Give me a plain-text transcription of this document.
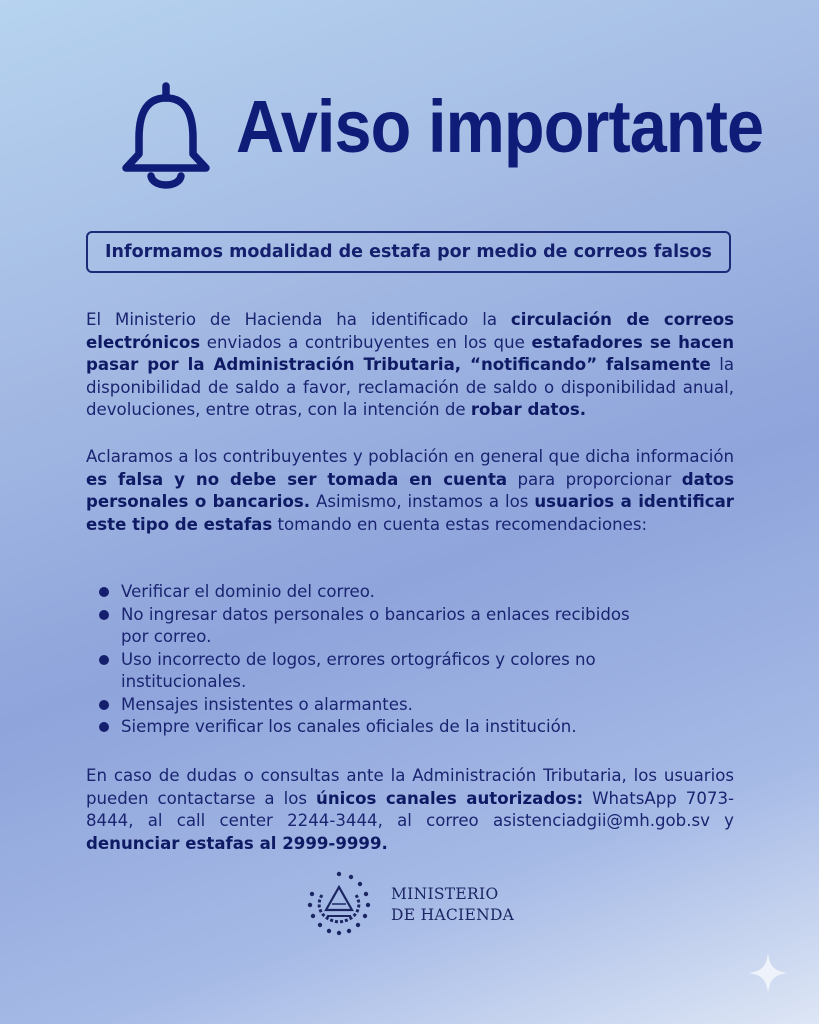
Aviso importante
Informamos modalidad de estafa por medio de correos falsos

El Ministerio de Hacienda ha identificado la circulación de correos electrónicos enviados a contribuyentes en los que estafadores se hacen pasar por la Administración Tributaria, “notificando” falsamente la disponibilidad de saldo a favor, reclamación de saldo o disponibilidad anual, devoluciones, entre otras, con la intención de robar datos.

Aclaramos a los contribuyentes y población en general que dicha información es falsa y no debe ser tomada en cuenta para proporcionar datos personales o bancarios. Asimismo, instamos a los usuarios a identificar este tipo de estafas tomando en cuenta estas recomendaciones:

Verificar el dominio del correo.
No ingresar datos personales o bancarios a enlaces recibidos
por correo.
Uso incorrecto de logos, errores ortográficos y colores no
institucionales.
Mensajes insistentes o alarmantes.
Siempre verificar los canales oficiales de la institución.

En caso de dudas o consultas ante la Administración Tributaria, los usuarios pueden contactarse a los únicos canales autorizados: WhatsApp 7073-8444, al call center 2244-3444, al correo asistenciadgii@mh.gob.sv y denunciar estafas al 2999-9999.

MINISTERIO
DE HACIENDA
